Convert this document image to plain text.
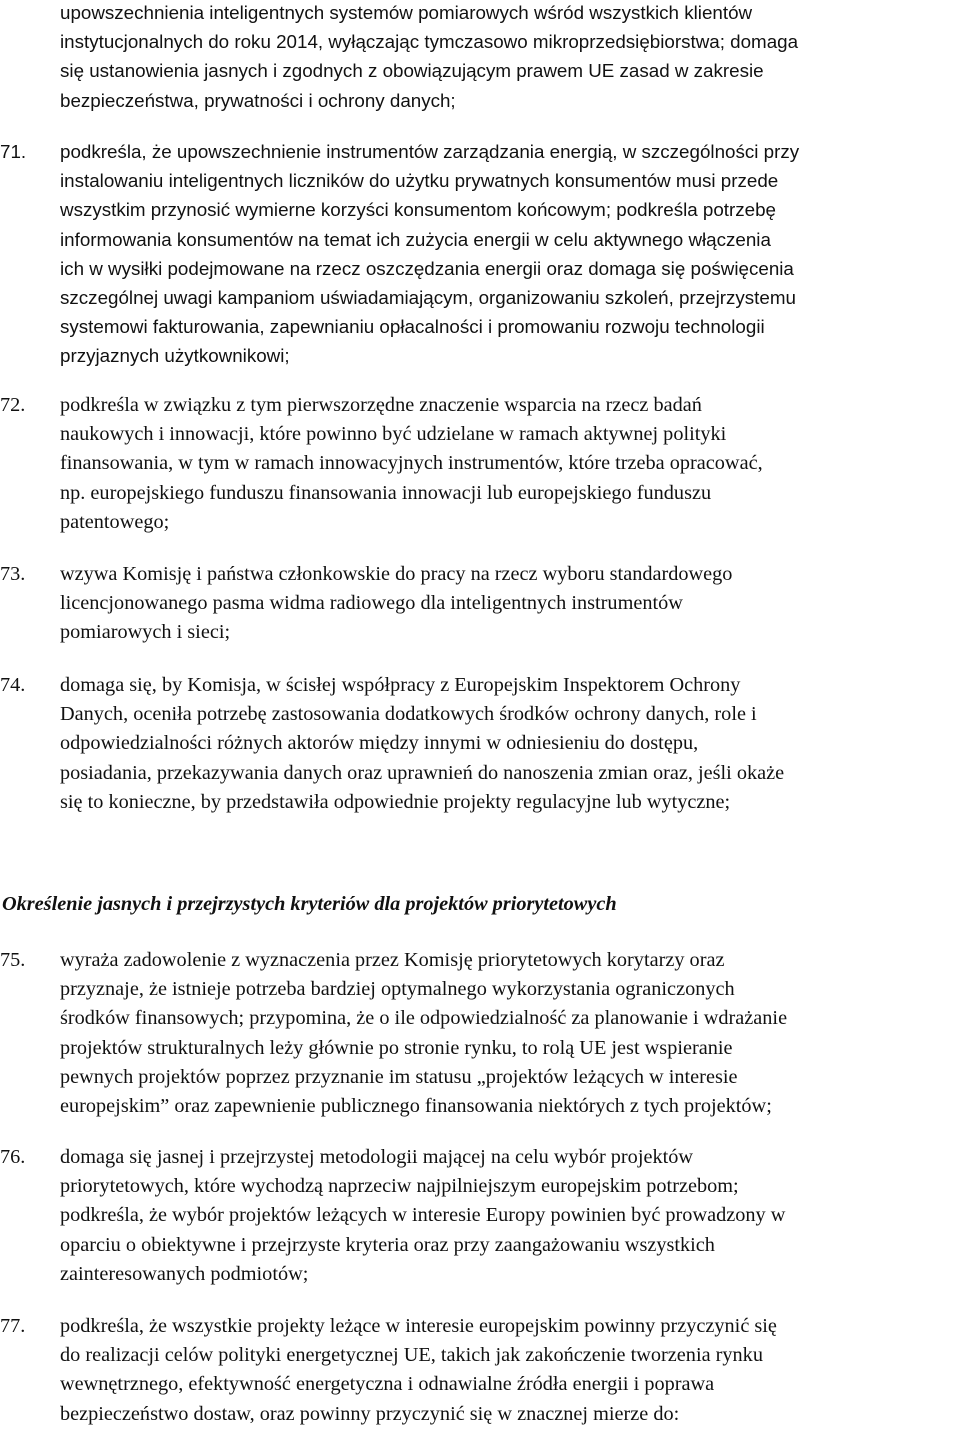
upowszechnienia inteligentnych systemów pomiarowych wśród wszystkich klientów
instytucjonalnych do roku 2014, wyłączając tymczasowo mikroprzedsiębiorstwa; domaga
się ustanowienia jasnych i zgodnych z obowiązującym prawem UE zasad w zakresie
bezpieczeństwa, prywatności i ochrony danych;
71. podkreśla, że upowszechnienie instrumentów zarządzania energią, w szczególności przy
instalowaniu inteligentnych liczników do użytku prywatnych konsumentów musi przede
wszystkim przynosić wymierne korzyści konsumentom końcowym; podkreśla potrzebę
informowania konsumentów na temat ich zużycia energii w celu aktywnego włączenia
ich w wysiłki podejmowane na rzecz oszczędzania energii oraz domaga się poświęcenia
szczególnej uwagi kampaniom uświadamiającym, organizowaniu szkoleń, przejrzystemu
systemowi fakturowania, zapewnianiu opłacalności i promowaniu rozwoju technologii
przyjaznych użytkownikowi;
72. podkreśla w związku z tym pierwszorzędne znaczenie wsparcia na rzecz badań
naukowych i innowacji, które powinno być udzielane w ramach aktywnej polityki
finansowania, w tym w ramach innowacyjnych instrumentów, które trzeba opracować,
np. europejskiego funduszu finansowania innowacji lub europejskiego funduszu
patentowego;
73. wzywa Komisję i państwa członkowskie do pracy na rzecz wyboru standardowego
licencjonowanego pasma widma radiowego dla inteligentnych instrumentów
pomiarowych i sieci;
74. domaga się, by Komisja, w ścisłej współpracy z Europejskim Inspektorem Ochrony
Danych, oceniła potrzebę zastosowania dodatkowych środków ochrony danych, role i
odpowiedzialności różnych aktorów między innymi w odniesieniu do dostępu,
posiadania, przekazywania danych oraz uprawnień do nanoszenia zmian oraz, jeśli okaże
się to konieczne, by przedstawiła odpowiednie projekty regulacyjne lub wytyczne;
Określenie jasnych i przejrzystych kryteriów dla projektów priorytetowych
75. wyraża zadowolenie z wyznaczenia przez Komisję priorytetowych korytarzy oraz
przyznaje, że istnieje potrzeba bardziej optymalnego wykorzystania ograniczonych
środków finansowych; przypomina, że o ile odpowiedzialność za planowanie i wdrażanie
projektów strukturalnych leży głównie po stronie rynku, to rolą UE jest wspieranie
pewnych projektów poprzez przyznanie im statusu „projektów leżących w interesie
europejskim” oraz zapewnienie publicznego finansowania niektórych z tych projektów;
76. domaga się jasnej i przejrzystej metodologii mającej na celu wybór projektów
priorytetowych, które wychodzą naprzeciw najpilniejszym europejskim potrzebom;
podkreśla, że wybór projektów leżących w interesie Europy powinien być prowadzony w
oparciu o obiektywne i przejrzyste kryteria oraz przy zaangażowaniu wszystkich
zainteresowanych podmiotów;
77. podkreśla, że wszystkie projekty leżące w interesie europejskim powinny przyczynić się
do realizacji celów polityki energetycznej UE, takich jak zakończenie tworzenia rynku
wewnętrznego, efektywność energetyczna i odnawialne źródła energii i poprawa
bezpieczeństwo dostaw, oraz powinny przyczynić się w znacznej mierze do:
